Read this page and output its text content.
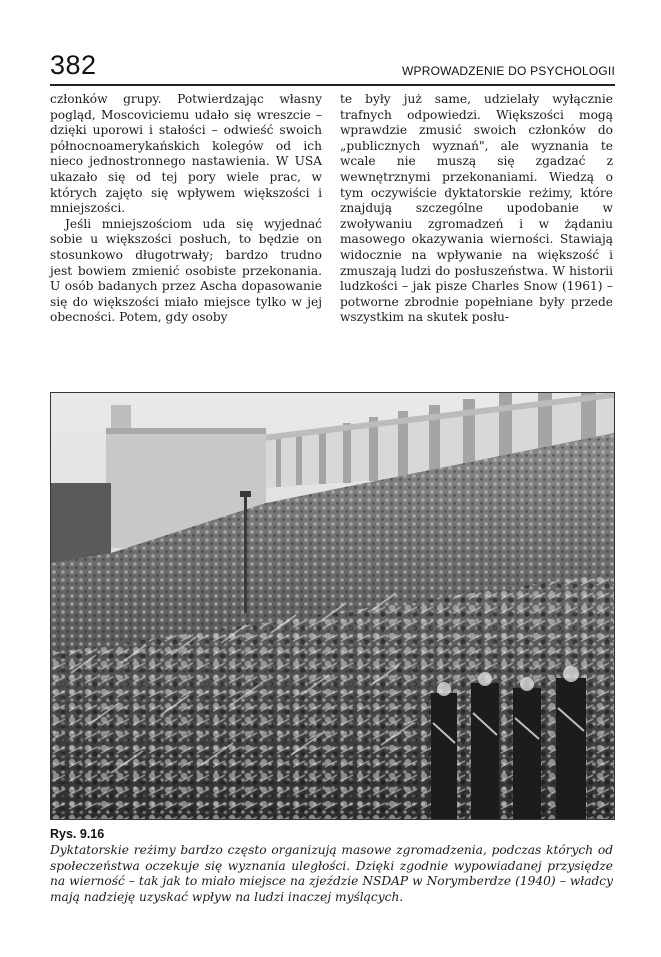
382	WPROWADZENIE DO PSYCHOLOGII

członków grupy. Potwierdzając własny pogląd, Moscoviciemu udało się wreszcie – dzięki uporowi i stałości – odwieść swoich północnoamerykańskich kolegów od ich nieco jednostronnego nastawienia. W USA ukazało się od tej pory wiele prac, w których zajęto się wpływem większości i mniejszości.

Jeśli mniejszościom uda się wyjednać sobie u większości posłuch, to będzie on stosunkowo długotrwały; bardzo trudno jest bowiem zmienić osobiste przekonania. U osób badanych przez Ascha dopasowanie się do większości miało miejsce tylko w jej obecności. Potem, gdy osoby

te były już same, udzielały wyłącznie trafnych odpowiedzi. Większości mogą wprawdzie zmusić swoich członków do „publicznych wyznań", ale wyznania te wcale nie muszą się zgadzać z wewnętrznymi przekonaniami. Wiedzą o tym oczywiście dyktatorskie reżimy, które znajdują szczególne upodobanie w zwoływaniu zgromadzeń i w żądaniu masowego okazywania wierności. Stawiają widocznie na wpływanie na większość i zmuszają ludzi do posłuszeństwa. W historii ludzkości – jak pisze Charles Snow (1961) – potworne zbrodnie popełniane były przede wszystkim na skutek posłu-

Rys. 9.16
Dyktatorskie reżimy bardzo często organizują masowe zgromadzenia, podczas których od społeczeństwa oczekuje się wyznania uległości. Dzięki zgodnie wypowiadanej przysiędze na wierność – tak jak to miało miejsce na zjeździe NSDAP w Norymberdze (1940) – władcy mają nadzieję uzyskać wpływ na ludzi inaczej myślących.
